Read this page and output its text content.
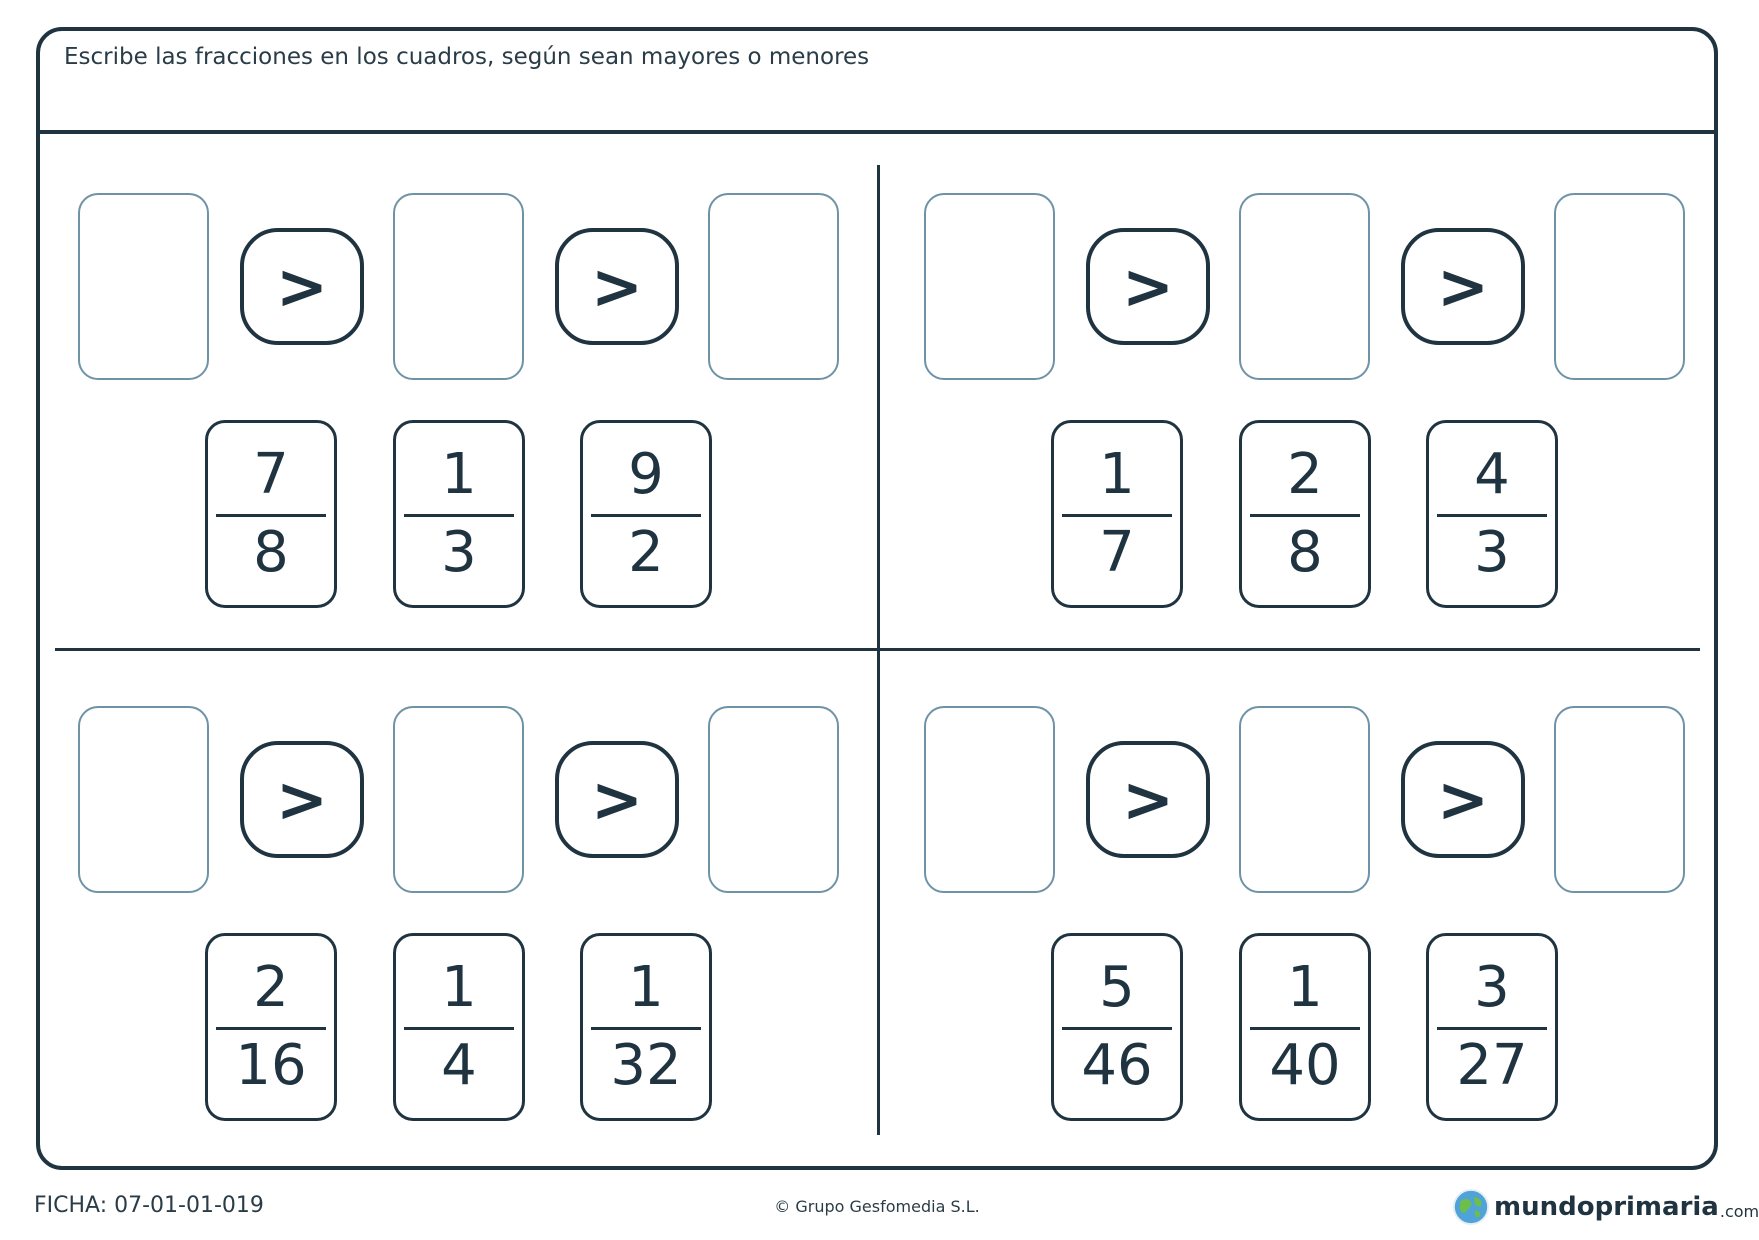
Escribe las fracciones en los cuadros, según sean mayores o menores
>	>
7
8
1
3
9
2
>	>
1
7
2
8
4
3
>	>
2
16
1
4
1
32
>	>
5
46
1
40
3
27
FICHA: 07-01-01-019	© Grupo Gesfomedia S.L.	mundoprimaria .com
